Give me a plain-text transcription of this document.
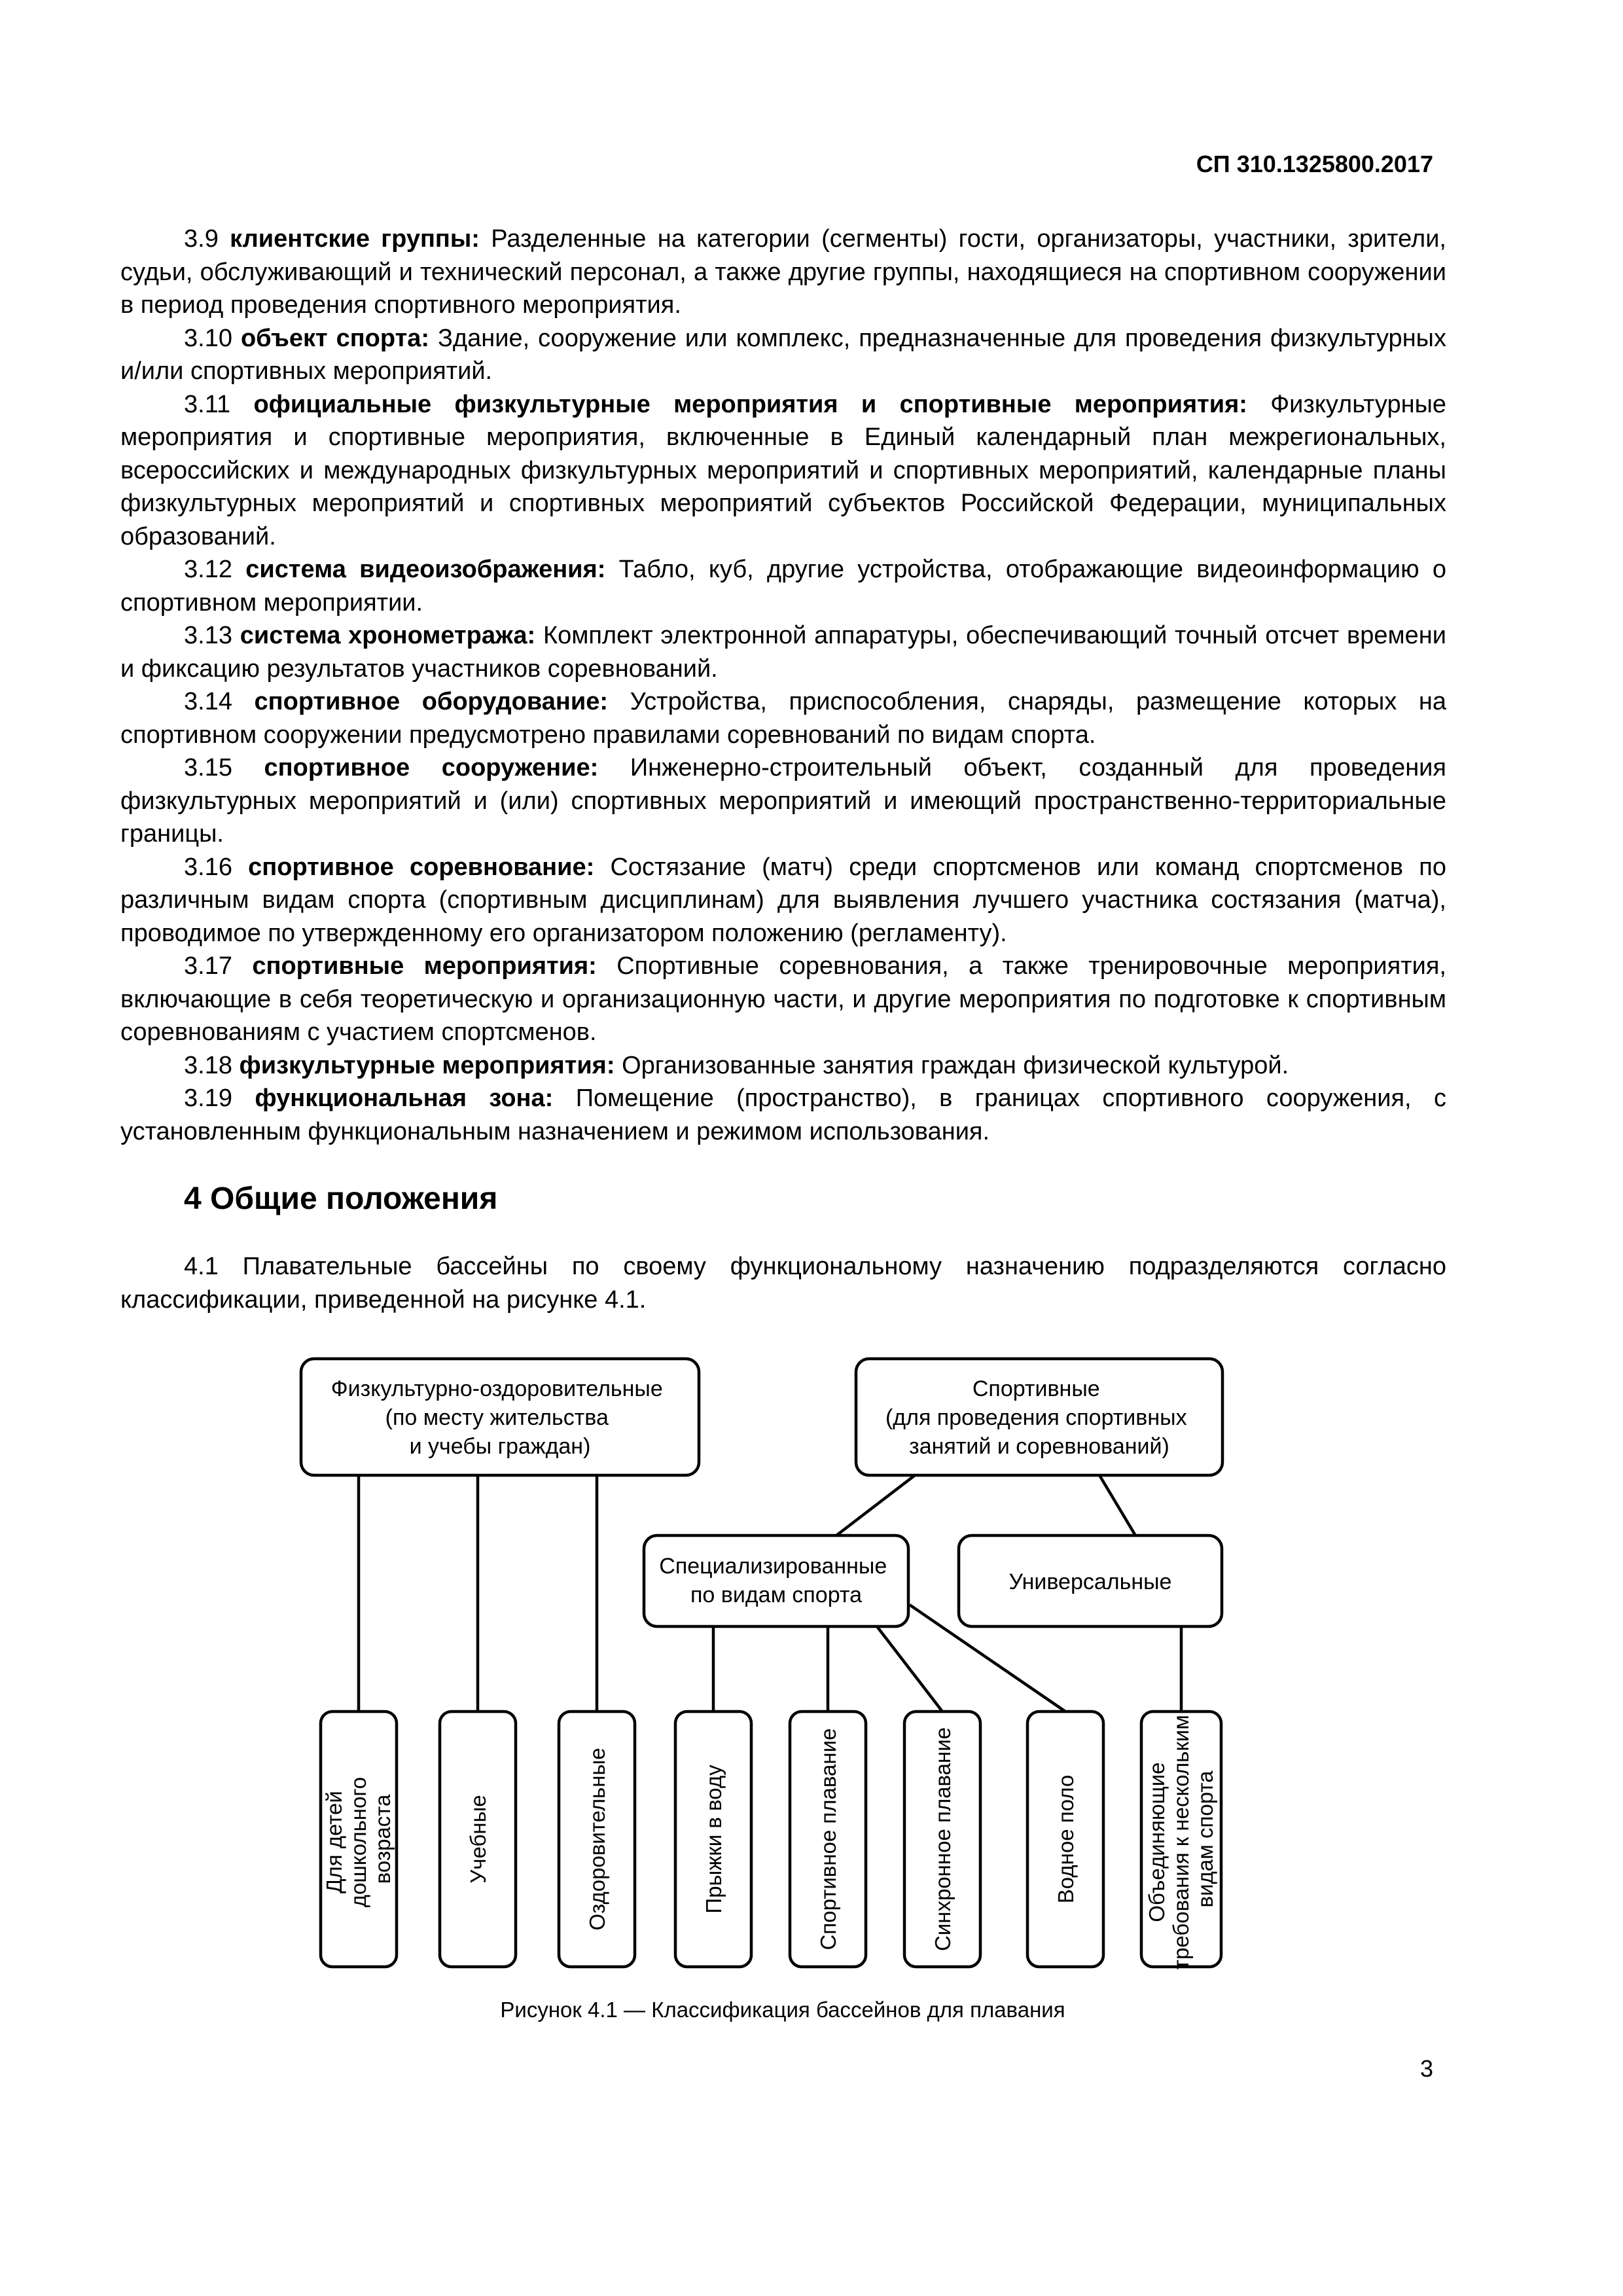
СП 310.1325800.2017

3.9 клиентские группы: Разделенные на категории (сегменты) гости, организаторы, участники, зрители, судьи, обслуживающий и технический персонал, а также другие группы, находящиеся на спортивном сооружении в период проведения спортивного мероприятия.

3.10 объект спорта: Здание, сооружение или комплекс, предназначенные для проведения физкультурных и/или спортивных мероприятий.

3.11 официальные физкультурные мероприятия и спортивные мероприятия: Физкультурные мероприятия и спортивные мероприятия, включенные в Единый календарный план межрегиональных, всероссийских и международных физкультурных мероприятий и спортивных мероприятий, календарные планы физкультурных мероприятий и спортивных мероприятий субъектов Российской Федерации, муниципальных образований.

3.12 система видеоизображения: Табло, куб, другие устройства, отображающие видеоинформацию о спортивном мероприятии.

3.13 система хронометража: Комплект электронной аппаратуры, обеспечивающий точный отсчет времени и фиксацию результатов участников соревнований.

3.14 спортивное оборудование: Устройства, приспособления, снаряды, размещение которых на спортивном сооружении предусмотрено правилами соревнований по видам спорта.

3.15 спортивное сооружение: Инженерно-строительный объект, созданный для проведения физкультурных мероприятий и (или) спортивных мероприятий и имеющий пространственно-территориальные границы.

3.16 спортивное соревнование: Состязание (матч) среди спортсменов или команд спортсменов по различным видам спорта (спортивным дисциплинам) для выявления лучшего участника состязания (матча), проводимое по утвержденному его организатором положению (регламенту).

3.17 спортивные мероприятия: Спортивные соревнования, а также тренировочные мероприятия, включающие в себя теоретическую и организационную части, и другие мероприятия по подготовке к спортивным соревнованиям с участием спортсменов.

3.18 физкультурные мероприятия: Организованные занятия граждан физической культурой.

3.19 функциональная зона: Помещение (пространство), в границах спортивного сооружения, с установленным функциональным назначением и режимом использования.

4 Общие положения

4.1 Плавательные бассейны по своему функциональному назначению подразделяются согласно классификации, приведенной на рисунке 4.1.

Физкультурно-оздоровительные (по месту жительства и учебы граждан)
Спортивные (для проведения спортивных занятий и соревнований)
Специализированные по видам спорта
Универсальные
Для детей дошкольного возраста	Учебные	Оздоровительные	Прыжки в воду	Спортивное плавание	Синхронное плавание	Водное поло	Объединяющие требования к нескольким видам спорта
Рисунок 4.1 — Классификация бассейнов для плавания
3
